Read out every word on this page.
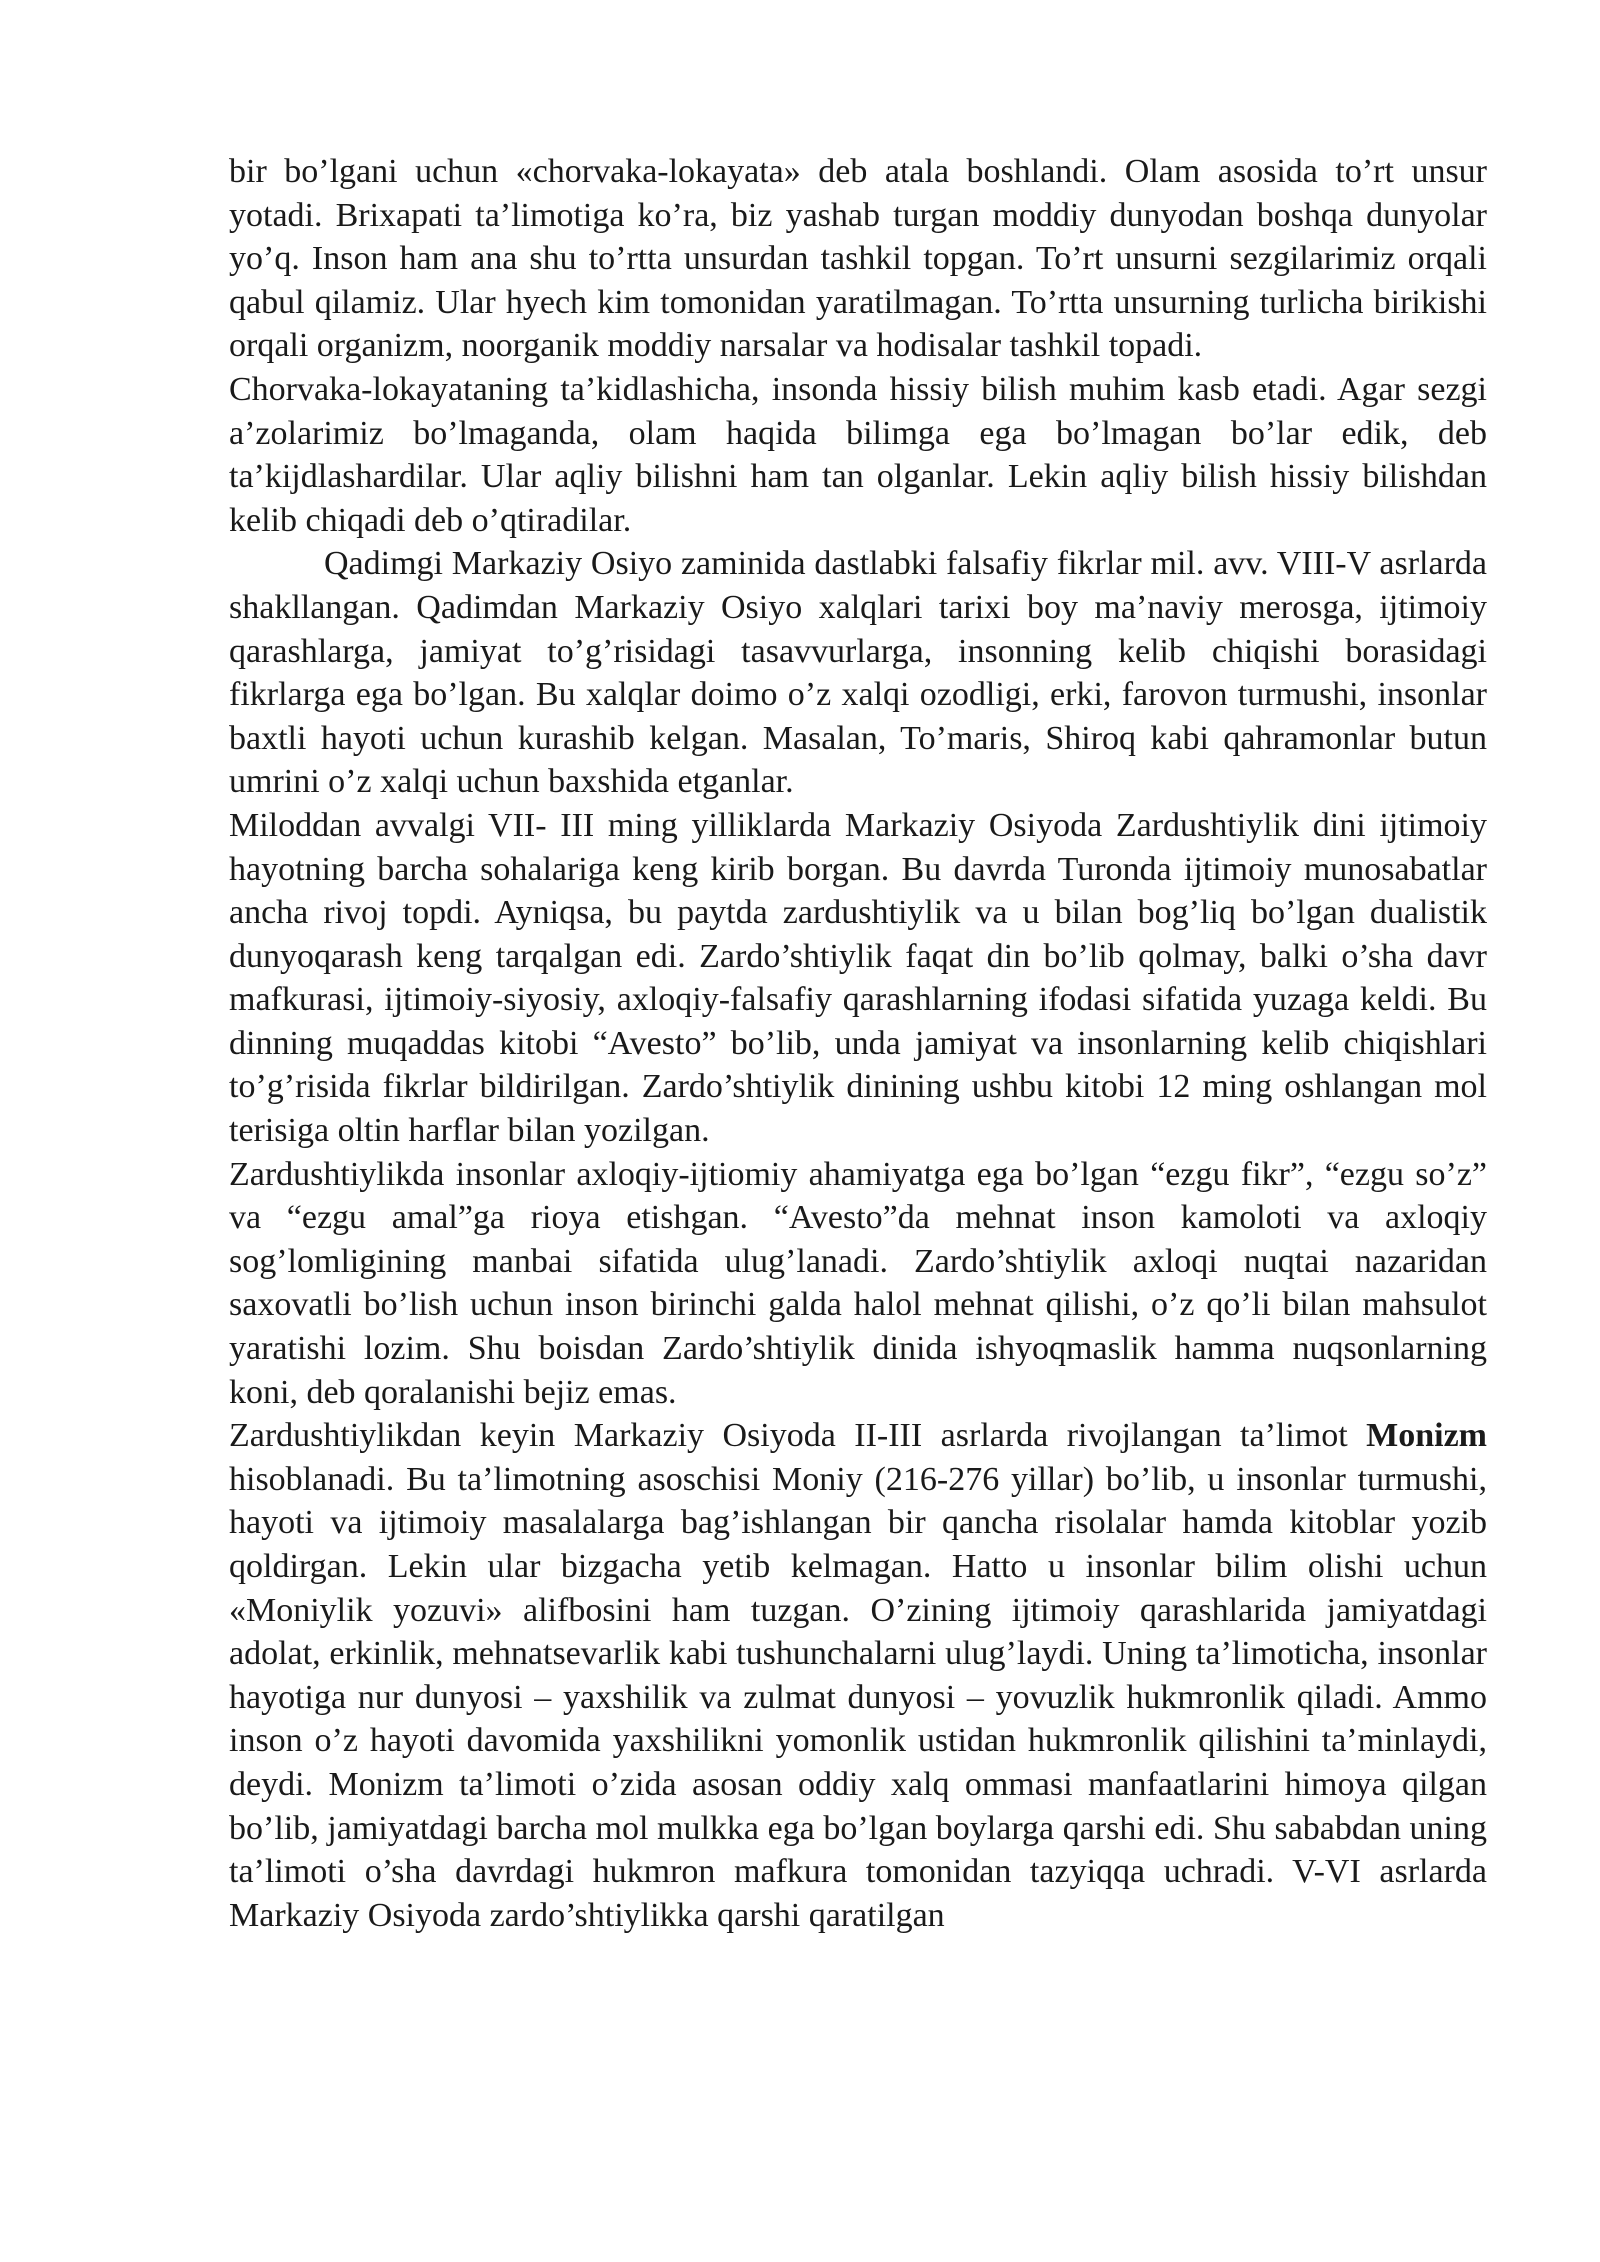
bir bo’lgani uchun «chorvaka-lokayata» deb atala boshlandi. Olam asosida to’rt unsur yotadi. Brixapati ta’limotiga ko’ra, biz yashab turgan moddiy dunyodan boshqa dunyolar yo’q. Inson ham ana shu to’rtta unsurdan tashkil topgan. To’rt unsurni sezgilarimiz orqali qabul qilamiz. Ular hyech kim tomonidan yaratilmagan. To’rtta unsurning turlicha birikishi orqali organizm, noorganik moddiy narsalar va hodisalar tashkil topadi.

Chorvaka-lokayataning ta’kidlashicha, insonda hissiy bilish muhim kasb etadi. Agar sezgi a’zolarimiz bo’lmaganda, olam haqida bilimga ega bo’lmagan bo’lar edik, deb ta’kijdlashardilar. Ular aqliy bilishni ham tan olganlar. Lekin aqliy bilish hissiy bilishdan kelib chiqadi deb o’qtiradilar.

Qadimgi Markaziy Osiyo zaminida dastlabki falsafiy fikrlar mil. avv. VIII-V asrlarda shakllangan. Qadimdan Markaziy Osiyo xalqlari tarixi boy ma’naviy merosga, ijtimoiy qarashlarga, jamiyat to’g’risidagi tasavvurlarga, insonning kelib chiqishi borasidagi fikrlarga ega bo’lgan. Bu xalqlar doimo o’z xalqi ozodligi, erki, farovon turmushi, insonlar baxtli hayoti uchun kurashib kelgan. Masalan, To’maris, Shiroq kabi qahramonlar butun umrini o’z xalqi uchun baxshida etganlar.

Miloddan avvalgi VII- III ming yilliklarda Markaziy Osiyoda Zardushtiylik dini ijtimoiy hayotning barcha sohalariga keng kirib borgan. Bu davrda Turonda ijtimoiy munosabatlar ancha rivoj topdi. Ayniqsa, bu paytda zardushtiylik va u bilan bog’liq bo’lgan dualistik dunyoqarash keng tarqalgan edi. Zardo’shtiylik faqat din bo’lib qolmay, balki o’sha davr mafkurasi, ijtimoiy-siyosiy, axloqiy-falsafiy qarashlarning ifodasi sifatida yuzaga keldi. Bu dinning muqaddas kitobi “Avesto” bo’lib, unda jamiyat va insonlarning kelib chiqishlari to’g’risida fikrlar bildirilgan. Zardo’shtiylik dinining ushbu kitobi 12 ming oshlangan mol terisiga oltin harflar bilan yozilgan.

Zardushtiylikda insonlar axloqiy-ijtiomiy ahamiyatga ega bo’lgan “ezgu fikr”, “ezgu so’z” va “ezgu amal”ga rioya etishgan. “Avesto”da mehnat inson kamoloti va axloqiy sog’lomligining manbai sifatida ulug’lanadi. Zardo’shtiylik axloqi nuqtai nazaridan saxovatli bo’lish uchun inson birinchi galda halol mehnat qilishi, o’z qo’li bilan mahsulot yaratishi lozim. Shu boisdan Zardo’shtiylik dinida ishyoqmaslik hamma nuqsonlarning koni, deb qoralanishi bejiz emas.

Zardushtiylikdan keyin Markaziy Osiyoda II-III asrlarda rivojlangan ta’limot Monizm hisoblanadi. Bu ta’limotning asoschisi Moniy (216-276 yillar) bo’lib, u insonlar turmushi, hayoti va ijtimoiy masalalarga bag’ishlangan bir qancha risolalar hamda kitoblar yozib qoldirgan. Lekin ular bizgacha yetib kelmagan. Hatto u insonlar bilim olishi uchun «Moniylik yozuvi» alifbosini ham tuzgan. O’zining ijtimoiy qarashlarida jamiyatdagi adolat, erkinlik, mehnatsevarlik kabi tushunchalarni ulug’laydi. Uning ta’limoticha, insonlar hayotiga nur dunyosi – yaxshilik va zulmat dunyosi – yovuzlik hukmronlik qiladi. Ammo inson o’z hayoti davomida yaxshilikni yomonlik ustidan hukmronlik qilishini ta’minlaydi, deydi. Monizm ta’limoti o’zida asosan oddiy xalq ommasi manfaatlarini himoya qilgan bo’lib, jamiyatdagi barcha mol mulkka ega bo’lgan boylarga qarshi edi. Shu sababdan uning ta’limoti o’sha davrdagi hukmron mafkura tomonidan tazyiqqa uchradi. V-VI asrlarda Markaziy Osiyoda zardo’shtiylikka qarshi qaratilgan
